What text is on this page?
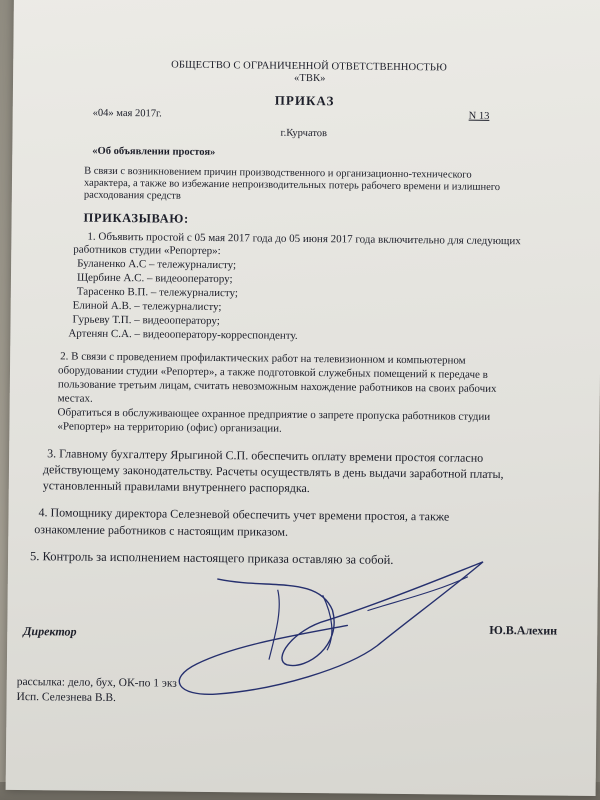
ОБЩЕСТВО С ОГРАНИЧЕННОЙ ОТВЕТСТВЕННОСТЬЮ
«ТВК»
ПРИКАЗ
«04» мая 2017г.	N 13
г.Курчатов
«Об объявлении простоя»
В связи с возникновением причин производственного и организационно-технического
характера, а также во избежание непроизводительных потерь рабочего времени и излишнего
расходования средств
ПРИКАЗЫВАЮ:
1. Объявить простой с 05 мая 2017 года до 05 июня 2017 года включительно для следующих
работников студии «Репортер»:
Буланенко А.С – тележурналисту;
Щербине А.С. – видеооператору;
Тарасенко В.П. – тележурналисту;
Елиной А.В. – тележурналисту;
Гурьеву Т.П. – видеооператору;
Артенян С.А. – видеооператору-корреспонденту.
2. В связи с проведением профилактических работ на телевизионном и компьютерном
оборудовании студии «Репортер», а также подготовкой служебных помещений к передаче в
пользование третьим лицам, считать невозможным нахождение работников на своих рабочих
местах.
Обратиться в обслуживающее охранное предприятие о запрете пропуска работников студии
«Репортер» на территорию (офис) организации.
3. Главному бухгалтеру Ярыгиной С.П. обеспечить оплату времени простоя согласно
действующему законодательству. Расчеты осуществлять в день выдачи заработной платы,
установленный правилами внутреннего распорядка.
4. Помощнику директора Селезневой обеспечить учет времени простоя, а также
ознакомление работников с настоящим приказом.
5. Контроль за исполнением настоящего приказа оставляю за собой.
Директор	Ю.В.Алехин
рассылка: дело, бух, ОК-по 1 экз
Исп. Селезнева В.В.
